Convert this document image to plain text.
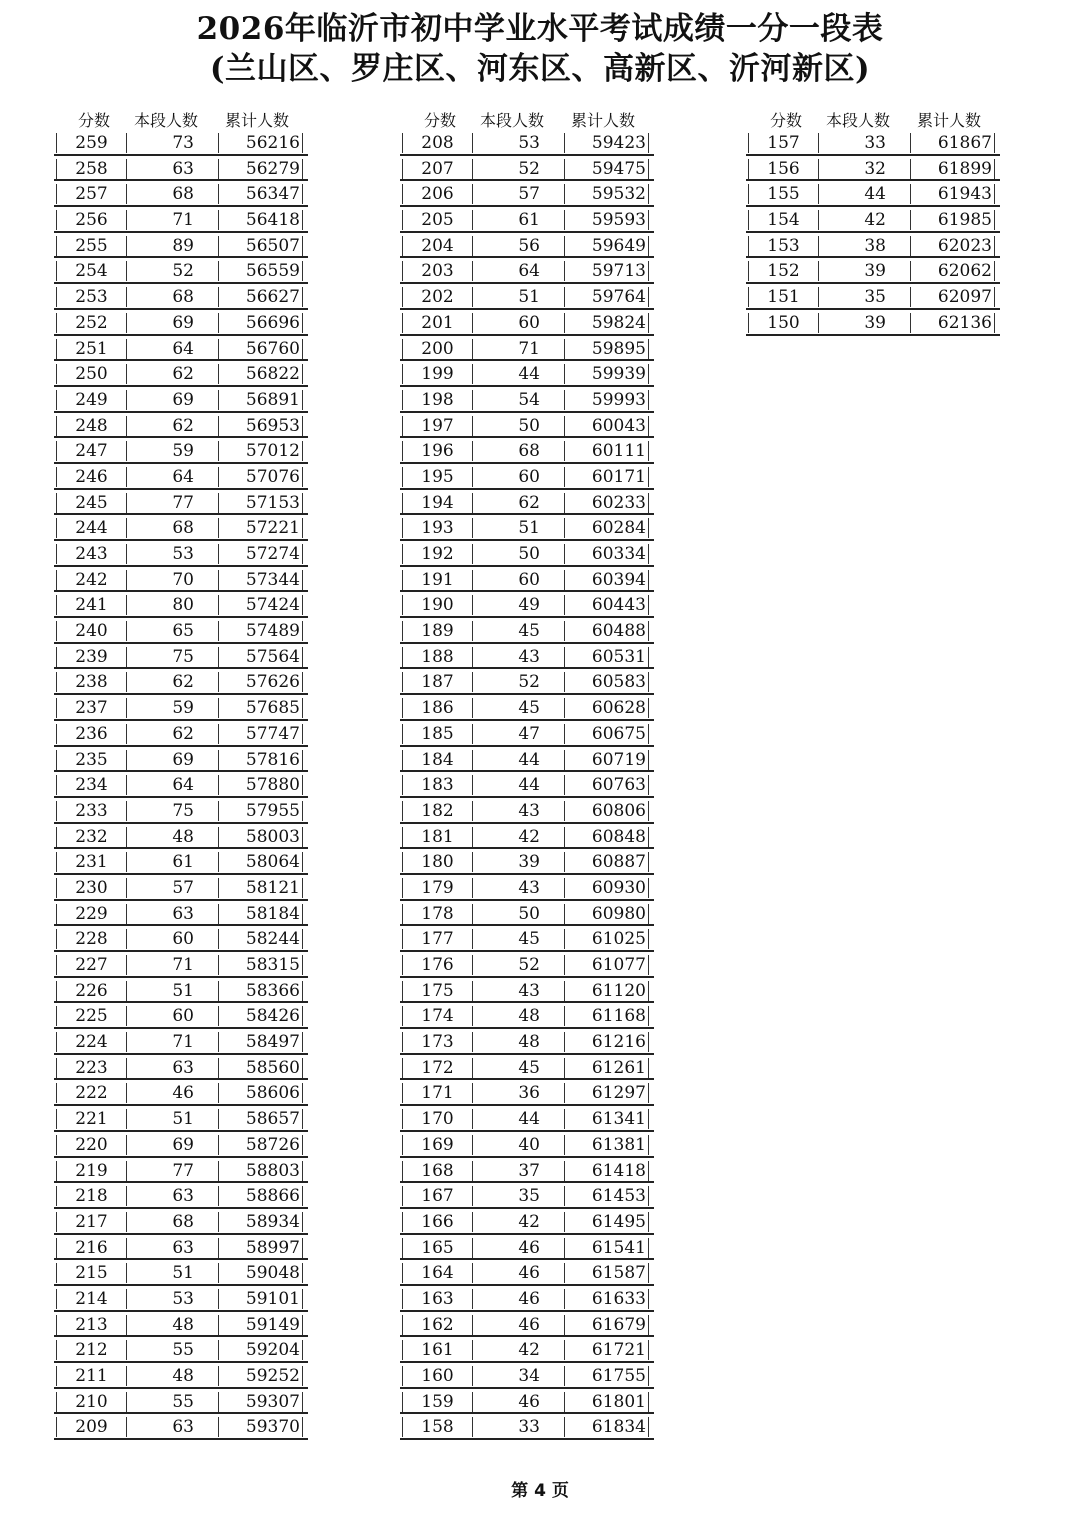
2026年临沂市初中学业水平考试成绩一分一段表
(兰山区、罗庄区、河东区、高新区、沂河新区)
分数 本段人数 累计人数
259	73	56216
258	63	56279
257	68	56347
256	71	56418
255	89	56507
254	52	56559
253	68	56627
252	69	56696
251	64	56760
250	62	56822
249	69	56891
248	62	56953
247	59	57012
246	64	57076
245	77	57153
244	68	57221
243	53	57274
242	70	57344
241	80	57424
240	65	57489
239	75	57564
238	62	57626
237	59	57685
236	62	57747
235	69	57816
234	64	57880
233	75	57955
232	48	58003
231	61	58064
230	57	58121
229	63	58184
228	60	58244
227	71	58315
226	51	58366
225	60	58426
224	71	58497
223	63	58560
222	46	58606
221	51	58657
220	69	58726
219	77	58803
218	63	58866
217	68	58934
216	63	58997
215	51	59048
214	53	59101
213	48	59149
212	55	59204
211	48	59252
210	55	59307
209	63	59370
分数 本段人数 累计人数
208	53	59423
207	52	59475
206	57	59532
205	61	59593
204	56	59649
203	64	59713
202	51	59764
201	60	59824
200	71	59895
199	44	59939
198	54	59993
197	50	60043
196	68	60111
195	60	60171
194	62	60233
193	51	60284
192	50	60334
191	60	60394
190	49	60443
189	45	60488
188	43	60531
187	52	60583
186	45	60628
185	47	60675
184	44	60719
183	44	60763
182	43	60806
181	42	60848
180	39	60887
179	43	60930
178	50	60980
177	45	61025
176	52	61077
175	43	61120
174	48	61168
173	48	61216
172	45	61261
171	36	61297
170	44	61341
169	40	61381
168	37	61418
167	35	61453
166	42	61495
165	46	61541
164	46	61587
163	46	61633
162	46	61679
161	42	61721
160	34	61755
159	46	61801
158	33	61834
分数 本段人数 累计人数
157	33	61867
156	32	61899
155	44	61943
154	42	61985
153	38	62023
152	39	62062
151	35	62097
150	39	62136
第 4 页
